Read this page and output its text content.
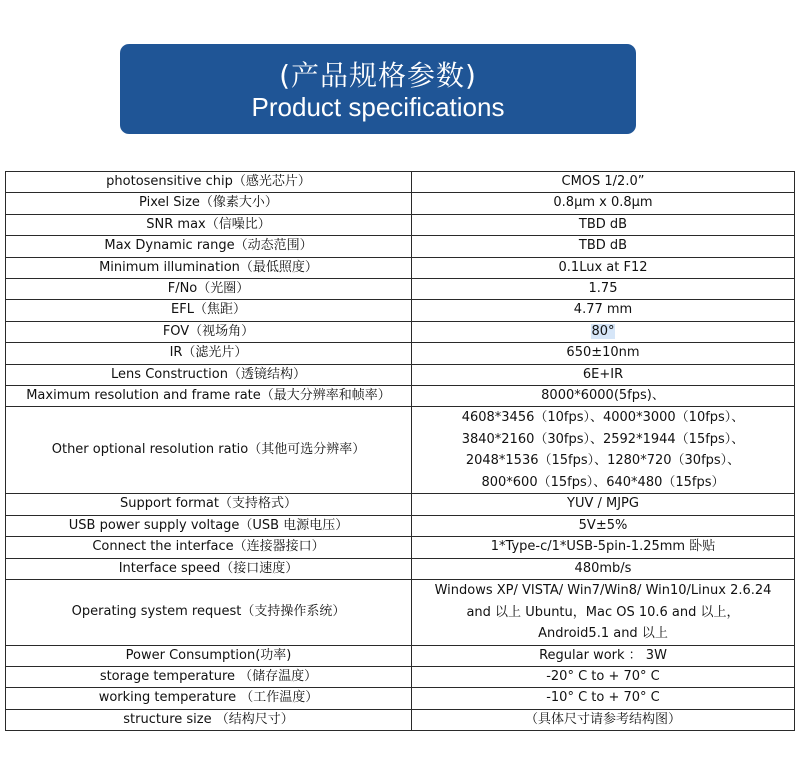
(产品规格参数)
Product specifications
photosensitive chip（感光芯片）	CMOS 1/2.0”
Pixel Size（像素大小）	0.8μm x 0.8μm
SNR max（信噪比）	TBD dB
Max Dynamic range（动态范围）	TBD dB
Minimum illumination（最低照度）	0.1Lux at F12
F/No（光圈）	1.75
EFL（焦距）	4.77 mm
FOV（视场角）	80°
IR（滤光片）	650±10nm
Lens Construction（透镜结构）	6E+IR
Maximum resolution and frame rate（最大分辨率和帧率）	8000*6000(5fps)、
Other optional resolution ratio（其他可选分辨率）	4608*3456（10fps）、4000*3000（10fps）、
3840*2160（30fps）、2592*1944（15fps）、
2048*1536（15fps）、1280*720（30fps）、
800*600（15fps）、640*480（15fps）

Support format（支持格式）	YUV / MJPG
USB power supply voltage（USB 电源电压）	5V±5%
Connect the interface（连接器接口）	1*Type-c/1*USB-5pin-1.25mm 卧贴
Interface speed（接口速度）	480mb/s
Operating system request（支持操作系统）	Windows XP/ VISTA/ Win7/Win8/ Win10/Linux 2.6.24
and 以上 Ubuntu，Mac OS 10.6 and 以上，
Android5.1 and 以上

Power Consumption(功率)	Regular work ： 3W
storage temperature （储存温度）	-20° C to + 70° C
working temperature （工作温度）	-10° C to + 70° C
structure size （结构尺寸）	（具体尺寸请参考结构图）
